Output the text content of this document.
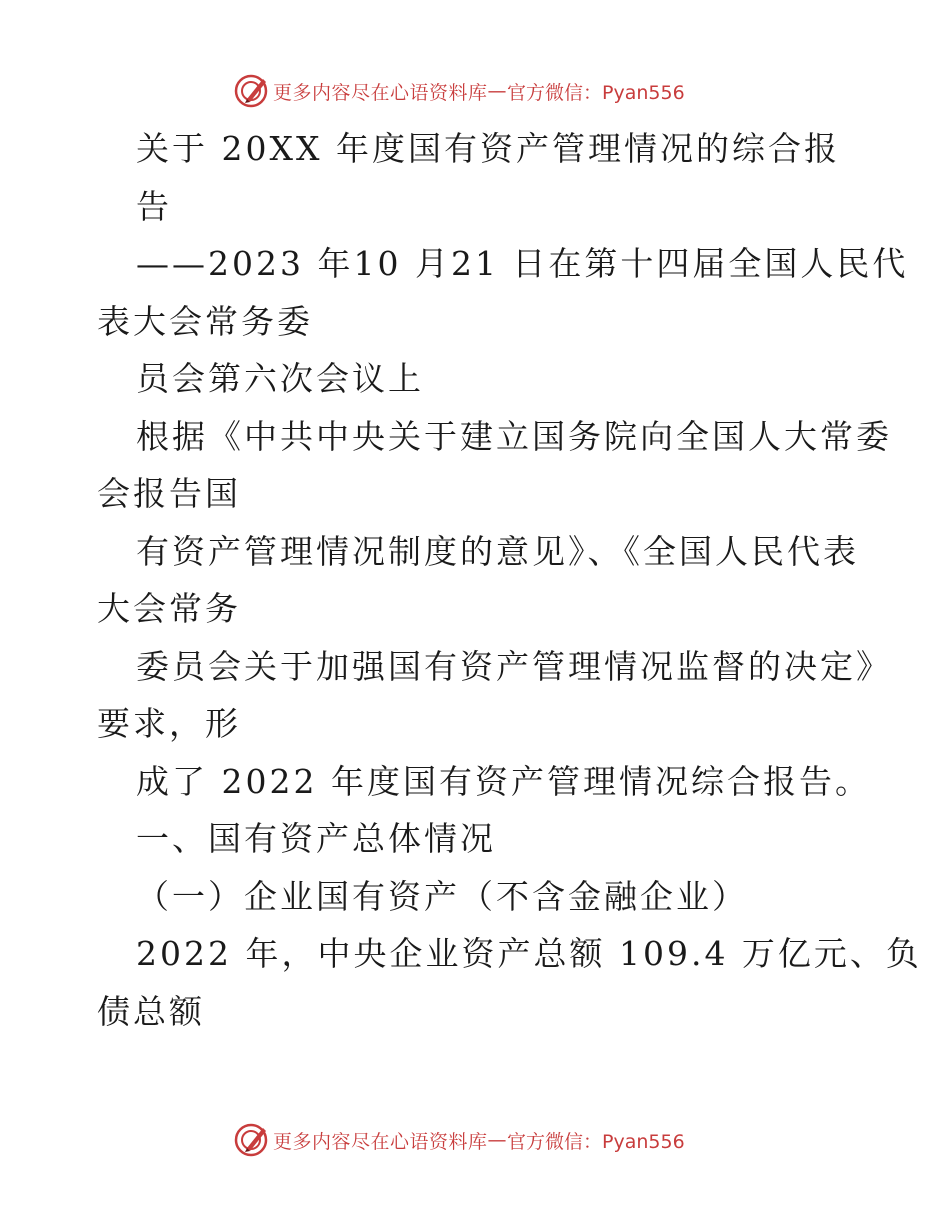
更多内容尽在心语资料库 — 官方微信：Pyan556
关于 20XX 年度国有资产管理情况的综合报
告
——2023 年10 月21 日在第十四届全国人民代
表大会常务委
员会第六次会议上
根据《中共中央关于建立国务院向全国人大常委
会报告国
有资产管理情况制度的意见》、《全国人民代表
大会常务
委员会关于加强国有资产管理情况监督的决定》
要求，形
成了 2022 年度国有资产管理情况综合报告。
一、国有资产总体情况
（一）企业国有资产（不含金融企业）
2022 年，中央企业资产总额 109.4 万亿元、负
债总额
更多内容尽在心语资料库 — 官方微信：Pyan556
